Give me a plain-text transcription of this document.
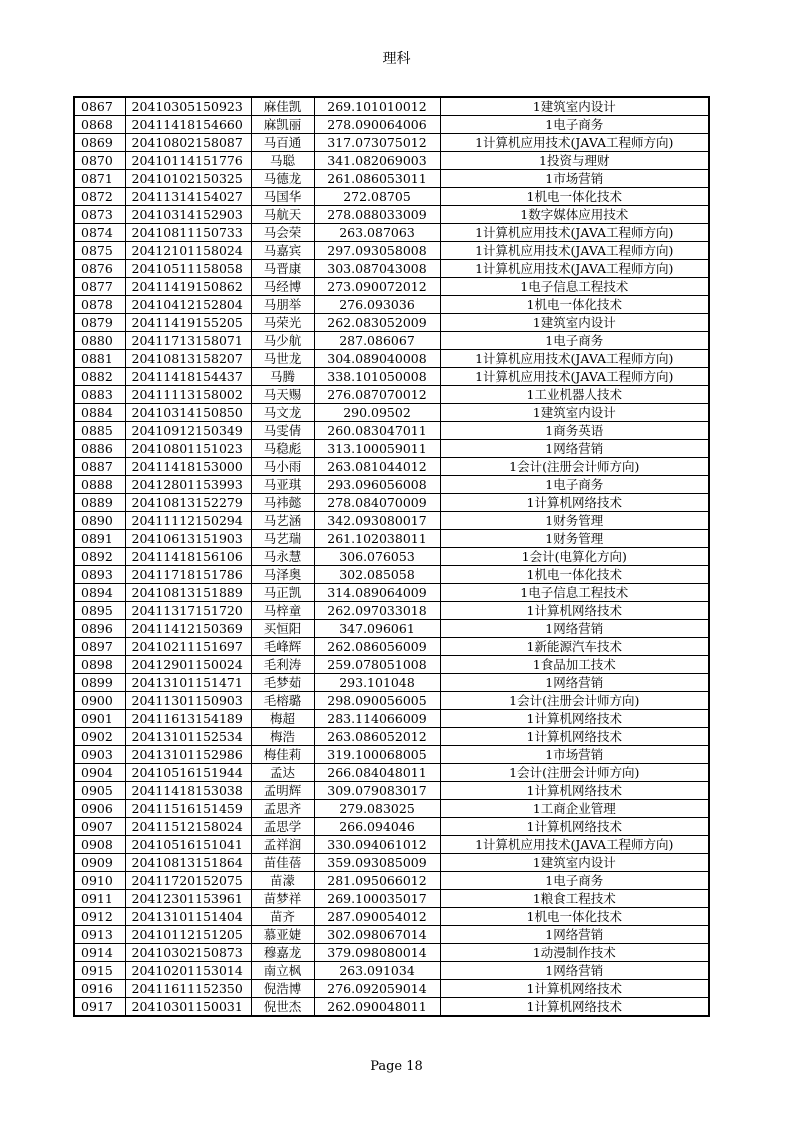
理科
0867	20410305150923	麻佳凯	269.101010012	1建筑室内设计
0868	20411418154660	麻凯丽	278.090064006	1电子商务
0869	20410802158087	马百通	317.073075012	1计算机应用技术(JAVA工程师方向)
0870	20410114151776	马聪	341.082069003	1投资与理财
0871	20410102150325	马德龙	261.086053011	1市场营销
0872	20411314154027	马国华	272.08705	1机电一体化技术
0873	20410314152903	马航天	278.088033009	1数字媒体应用技术
0874	20410811150733	马会荣	263.087063	1计算机应用技术(JAVA工程师方向)
0875	20412101158024	马嘉宾	297.093058008	1计算机应用技术(JAVA工程师方向)
0876	20410511158058	马晋康	303.087043008	1计算机应用技术(JAVA工程师方向)
0877	20411419150862	马经博	273.090072012	1电子信息工程技术
0878	20410412152804	马朋举	276.093036	1机电一体化技术
0879	20411419155205	马荣光	262.083052009	1建筑室内设计
0880	20411713158071	马少航	287.086067	1电子商务
0881	20410813158207	马世龙	304.089040008	1计算机应用技术(JAVA工程师方向)
0882	20411418154437	马腾	338.101050008	1计算机应用技术(JAVA工程师方向)
0883	20411113158002	马天赐	276.087070012	1工业机器人技术
0884	20410314150850	马文龙	290.09502	1建筑室内设计
0885	20410912150349	马雯倩	260.083047011	1商务英语
0886	20410801151023	马稳彪	313.100059011	1网络营销
0887	20411418153000	马小雨	263.081044012	1会计(注册会计师方向)
0888	20412801153993	马亚琪	293.096056008	1电子商务
0889	20410813152279	马祎懿	278.084070009	1计算机网络技术
0890	20411112150294	马艺涵	342.093080017	1财务管理
0891	20410613151903	马艺瑞	261.102038011	1财务管理
0892	20411418156106	马永慧	306.076053	1会计(电算化方向)
0893	20411718151786	马泽奥	302.085058	1机电一体化技术
0894	20410813151889	马正凯	314.089064009	1电子信息工程技术
0895	20411317151720	马梓童	262.097033018	1计算机网络技术
0896	20411412150369	买恒阳	347.096061	1网络营销
0897	20410211151697	毛峰辉	262.086056009	1新能源汽车技术
0898	20412901150024	毛利涛	259.078051008	1食品加工技术
0899	20413101151471	毛梦茹	293.101048	1网络营销
0900	20411301150903	毛榕璐	298.090056005	1会计(注册会计师方向)
0901	20411613154189	梅超	283.114066009	1计算机网络技术
0902	20413101152534	梅浩	263.086052012	1计算机网络技术
0903	20413101152986	梅佳莉	319.100068005	1市场营销
0904	20410516151944	孟达	266.084048011	1会计(注册会计师方向)
0905	20411418153038	孟明辉	309.079083017	1计算机网络技术
0906	20411516151459	孟思齐	279.083025	1工商企业管理
0907	20411512158024	孟思学	266.094046	1计算机网络技术
0908	20410516151041	孟祥润	330.094061012	1计算机应用技术(JAVA工程师方向)
0909	20410813151864	苗佳蓓	359.093085009	1建筑室内设计
0910	20411720152075	苗濛	281.095066012	1电子商务
0911	20412301153961	苗梦祥	269.100035017	1粮食工程技术
0912	20413101151404	苗齐	287.090054012	1机电一体化技术
0913	20410112151205	慕亚婕	302.098067014	1网络营销
0914	20410302150873	穆嘉龙	379.098080014	1动漫制作技术
0915	20410201153014	南立枫	263.091034	1网络营销
0916	20411611152350	倪浩博	276.092059014	1计算机网络技术
0917	20410301150031	倪世杰	262.090048011	1计算机网络技术
Page 18
